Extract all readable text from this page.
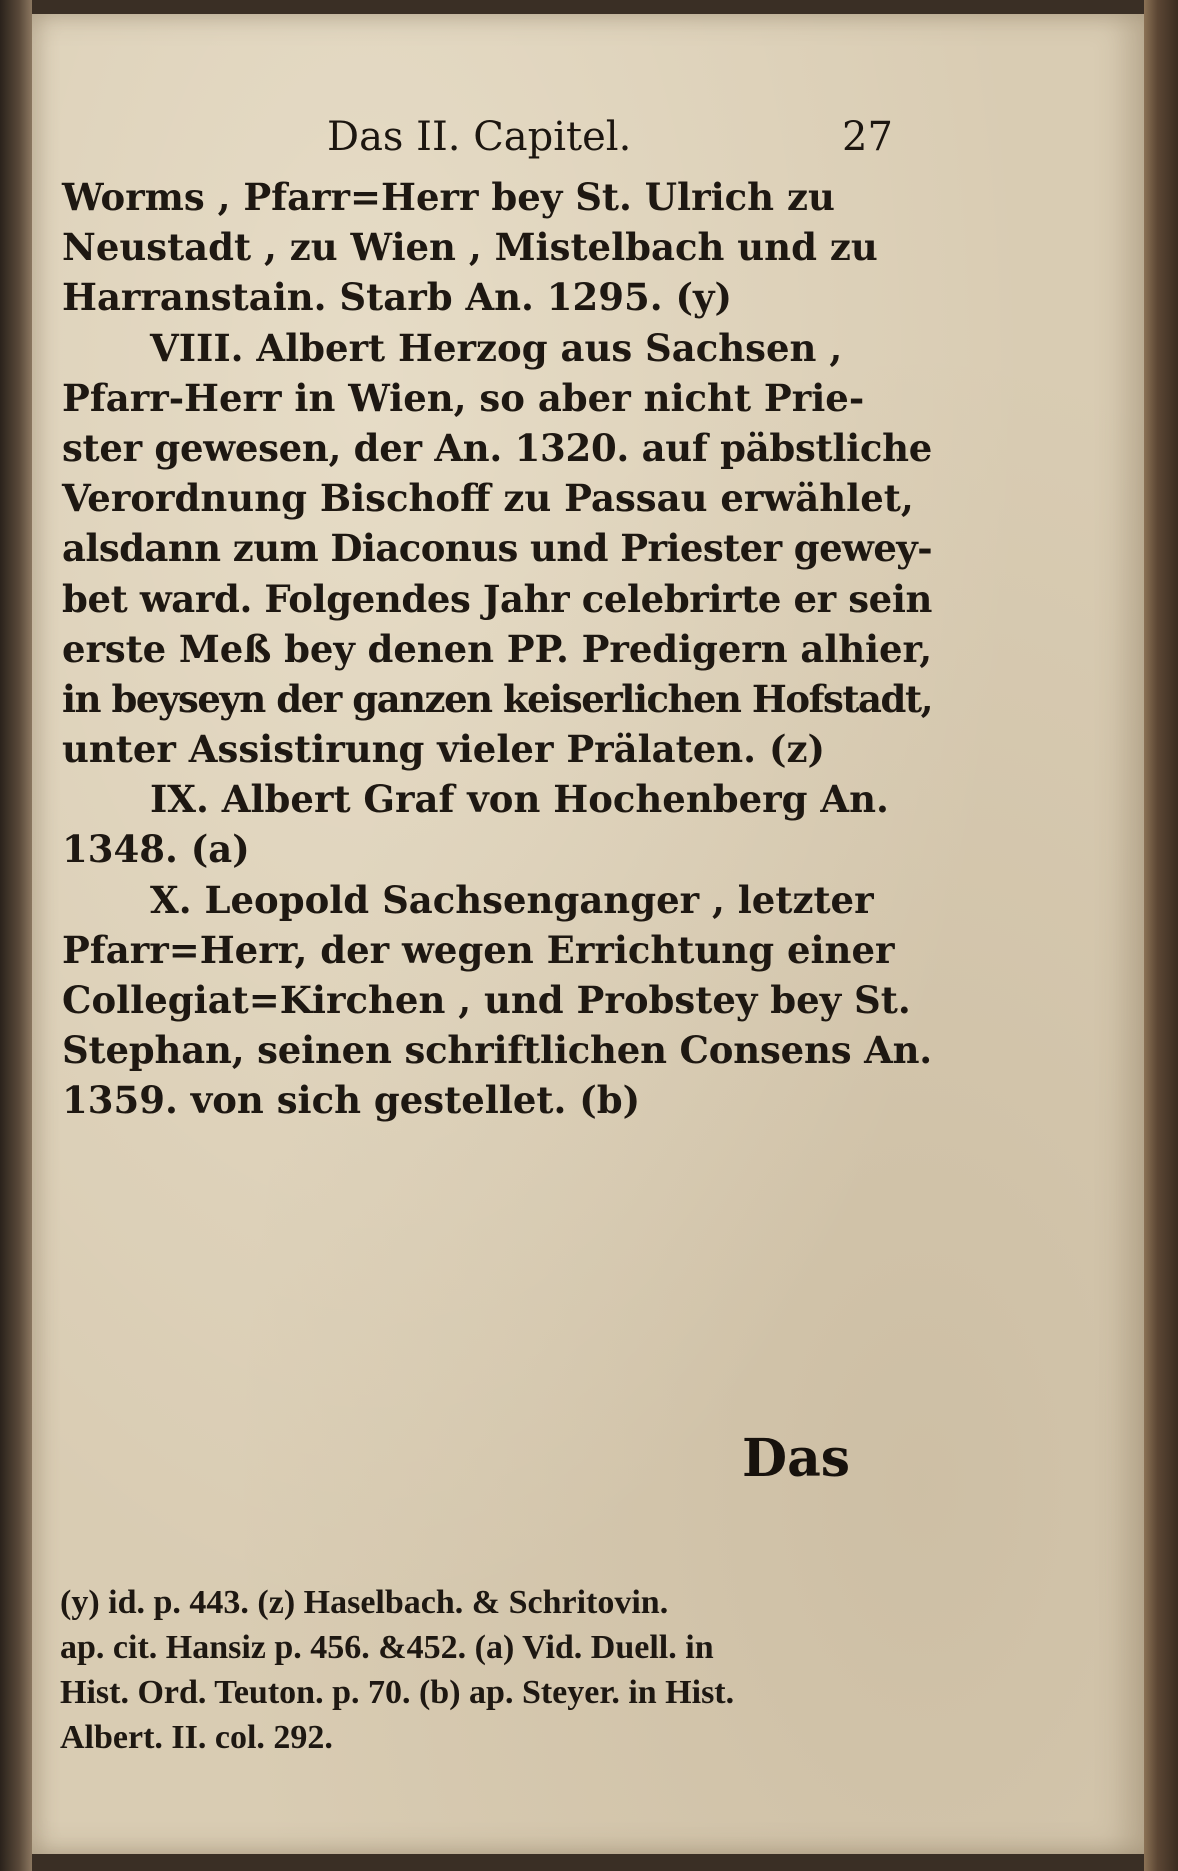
Das II. Capitel.	27
Worms , Pfarr=Herr bey St. Ulrich zu
Neustadt , zu Wien , Mistelbach und zu
Harranstain. Starb An. 1295. (y)
VIII. Albert Herzog aus Sachsen ,
Pfarr-Herr in Wien, so aber nicht Prie-
ster gewesen, der An. 1320. auf päbstliche
Verordnung Bischoff zu Passau erwählet,
alsdann zum Diaconus und Priester gewey-
bet ward. Folgendes Jahr celebrirte er sein
erste Meß bey denen PP. Predigern alhier,
in beyseyn der ganzen keiserlichen Hofstadt,
unter Assistirung vieler Prälaten. (z)
IX. Albert Graf von Hochenberg An.
1348. (a)
X. Leopold Sachsenganger , letzter
Pfarr=Herr, der wegen Errichtung einer
Collegiat=Kirchen , und Probstey bey St.
Stephan, seinen schriftlichen Consens An.
1359. von sich gestellet. (b)
Das
(y) id. p. 443. (z) Haselbach. & Schritovin.
ap. cit. Hansiz p. 456. &452. (a) Vid. Duell. in
Hist. Ord. Teuton. p. 70. (b) ap. Steyer. in Hist.
Albert. II. col. 292.
